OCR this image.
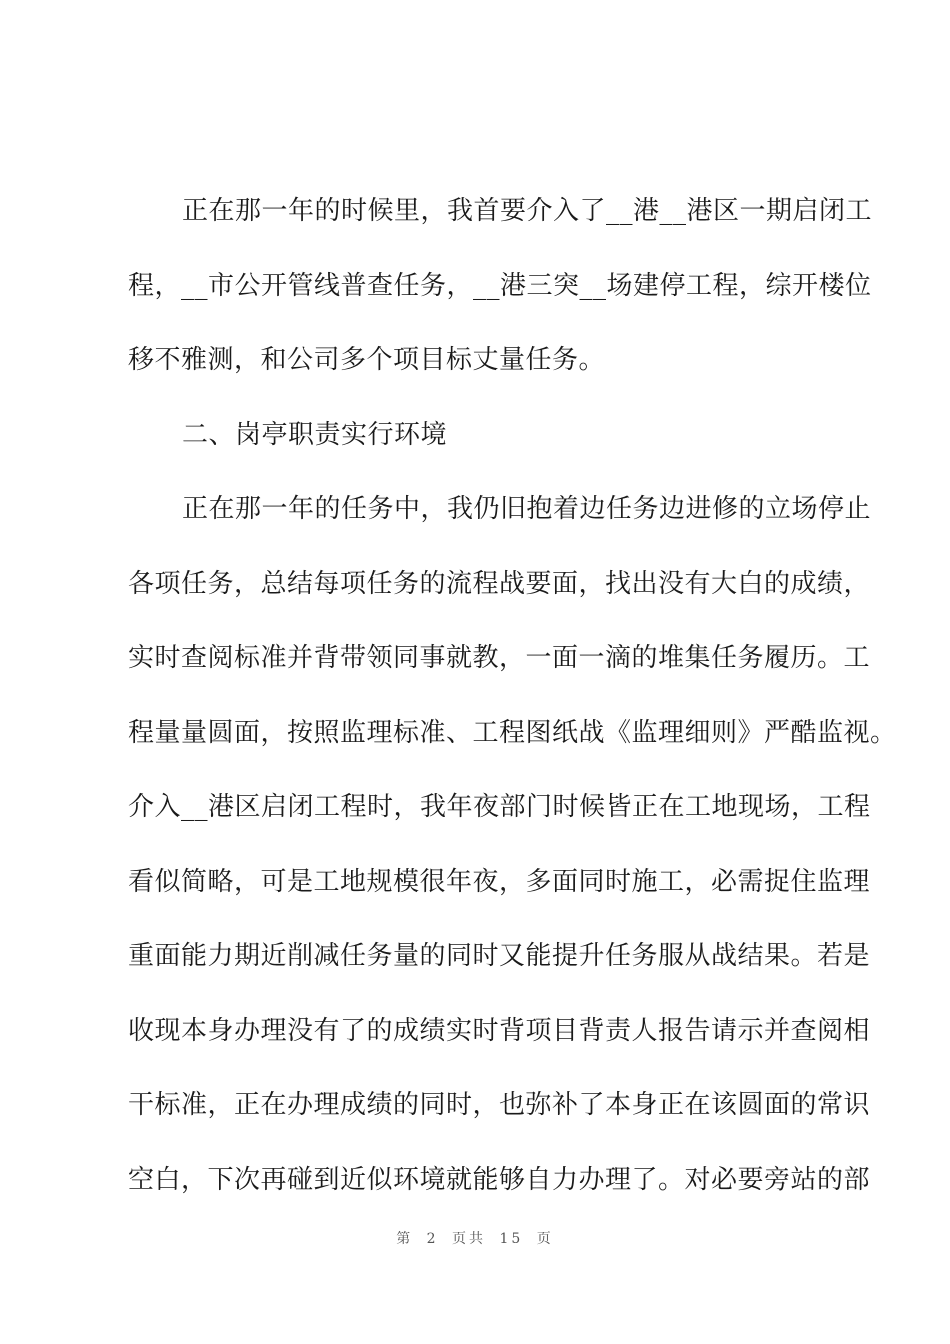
正在那一年的时候里，我首要介入了__港__港区一期启闭工

程，__市公开管线普查任务，__港三突__场建停工程，综开楼位

移不雅测，和公司多个项目标丈量任务。

二、岗亭职责实行环境

正在那一年的任务中，我仍旧抱着边任务边进修的立场停止

各项任务，总结每项任务的流程战要面，找出没有大白的成绩，

实时查阅标准并背带领同事就教，一面一滴的堆集任务履历。工

程量量圆面，按照监理标准、工程图纸战《监理细则》严酷监视。

介入__港区启闭工程时，我年夜部门时候皆正在工地现场，工程

看似简略，可是工地规模很年夜，多面同时施工，必需捉住监理

重面能力期近削减任务量的同时又能提升任务服从战结果。若是

收现本身办理没有了的成绩实时背项目背责人报告请示并查阅相

干标准，正在办理成绩的同时，也弥补了本身正在该圆面的常识

空白，下次再碰到近似环境就能够自力办理了。对必要旁站的部

第 2 页共 15 页
